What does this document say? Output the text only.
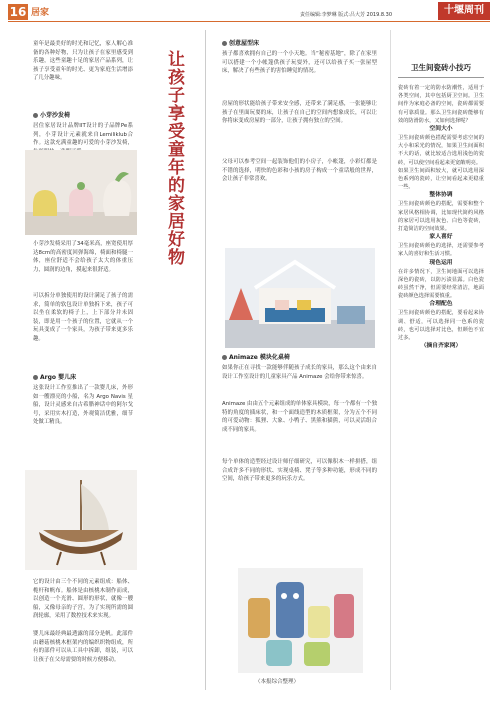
16 居家	责任编辑:李梦琳 版式:吕大芳 2019.8.30	十堰周刊

童年是最美好的时光和记忆，家人解心准备的各种好物，只为让孩子在家里感受到乐趣，这些童趣十足的家居产品系列，让孩子享受童年的时光、更为家庭生活增添了几分趣味。

小芽沙发椅

居住家居设计品牌IIT设计的子品牌Pe系列，小芽设计元素就来自Lemiliklub合作。这款充满童趣的可爱的小芽沙发椅，

小芽沙发椅采用了34毫米高，座宽使用厚达8cm的高密度回弹海绵，椅面和椅腿一体，座位舒适不会给孩子太大的体重压力，圆润的边角，摸起来很舒适。

可以拆分单独使用的设计满足了孩子的需求，简单的软包设计单独拆下来，孩子可以坐在柔软的椅子上，上下部分并未固装，即是用一个孩子的位置，它就从一个玩具变成了一个家具，为孩子带来更多乐趣。

Argo 婴儿床

这张设计工作室推出了一款婴儿床，外形如一艘漂亮的小船，名为 Argo Navis 星船，设计灵感来自古希腊神话中的阿尔戈号，采用实木打造，外观简洁优雅，细节处做工精良。

它的设计由三个不同的元素组成：船体、桅杆和帆布。船体是由核桃木制作而成，以创造一个光滑、圆形的形状，就像一艘船，又像母亲的子宫，为了实现所需的圆润轮廓，采用了数控技术来实现。

婴儿床最经典最透露的部分是帆。此部件由蘑菇核桃木框架内的编织织物组成，所有的部件可以从工具中拆卸，组装，可以让孩子在父母需要的时候方便移动。

让孩子享受童年的家居好物
创意屋型床

孩子都喜欢拥有自己的一个小天地。当“秘密基地”，除了在家里可以搭建一个小帐篷供孩子玩耍外，还可以给孩子买一张屋型床，解决了有些孩子的害怕睡觉的情况。

房屋的形状能给孩子带来安全感，还带来了满足感，一张能够让孩子在里面玩耍的床，让孩子在自己的空间内想象成长，可以让你将床变成房屋的一部分，让孩子拥有独立的空间。

父母可以参考空间一起装饰他们的小房子，小帐篷，小彩灯都是不错的选择，明快的色彩和小孩的房子构成一个童话般的世界，会让孩子非常喜欢。

Animaze 模块化桌椅

如果你正在寻找一款能够伴随孩子成长的家具，那么这个由来自设计工作室设计的儿童家具产品 Animaze 会给你带来惊喜。

Animaze 由由五个元素组成的单体家具模块，每一个都有一个独特的角度的插床状，和一个面线造型的木质框架，分为五个不同的可爱动物：狐狸、大象、小鸭子、黑熊和猫熊，可以灵活组合成不同的家具。

每个单体的造型经过设计师仔细研究，可以像积木一样拼搭，组合成许多不同的形状、实现桌椅、凳子等多种功能，形成不同的空间，给孩子带来更多的玩乐方式。

（本报综合整理）
卫生间瓷砖小技巧

瓷砖有着一定的防水防潮性，适用于各类空间，其中包括厨卫空间。卫生间作为家庭必备的空间，瓷砖都需要有可靠质量。那么卫生间瓷砖能够有效的防滑防水，又如何选择呢？

空间大小

卫生间瓷砖颜色搭配需要考虑空间的大小和采光的情况，如果卫生间面积不大的话，就比较适合选用浅色的瓷砖，可以使空间看起来更宽敞明亮。

如果卫生间面积较大，就可以选用深色系列的瓷砖，让空间看起来更稳重一些。

整体协调

卫生间瓷砖颜色的搭配，需要和整个家居风格相协调，比如现代简约风格的家居可以选用灰色、白色等瓷砖，打造简洁的空间效果。

家人喜好

卫生间瓷砖颜色的选择，还需要参考家人的喜好和生活习惯。

现色运用

在许多情况下，卫生间地面可以选择深色的瓷砖，以防污渍显露。白色瓷砖虽然干净，但需要经常清洁，地面瓷砖颜色选择需要慎重。

合理配色

卫生间瓷砖颜色的搭配，要看起来协调、舒适，可以选择同一色系的瓷砖，也可以选择对比色，但颜色不宜过多。

（摘自齐家网）
